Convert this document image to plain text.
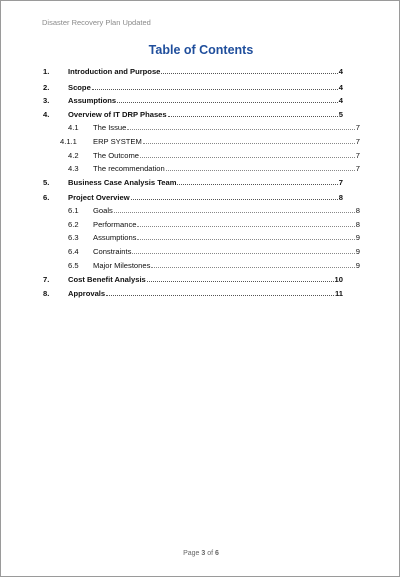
Disaster Recovery Plan Updated
Table of Contents
1.	Introduction and Purpose	4
2.	Scope	4
3.	Assumptions	4
4.	Overview of IT DRP Phases	5
4.1	The Issue	7
4.1.1	ERP SYSTEM	7
4.2	The Outcome	7
4.3	The recommendation	7
5.	Business Case Analysis Team	7
6.	Project Overview	8
6.1	Goals	8
6.2	Performance	8
6.3	Assumptions	9
6.4	Constraints	9
6.5	Major Milestones	9
7.	Cost Benefit Analysis	10
8.	Approvals	11
Page 3 of 6
